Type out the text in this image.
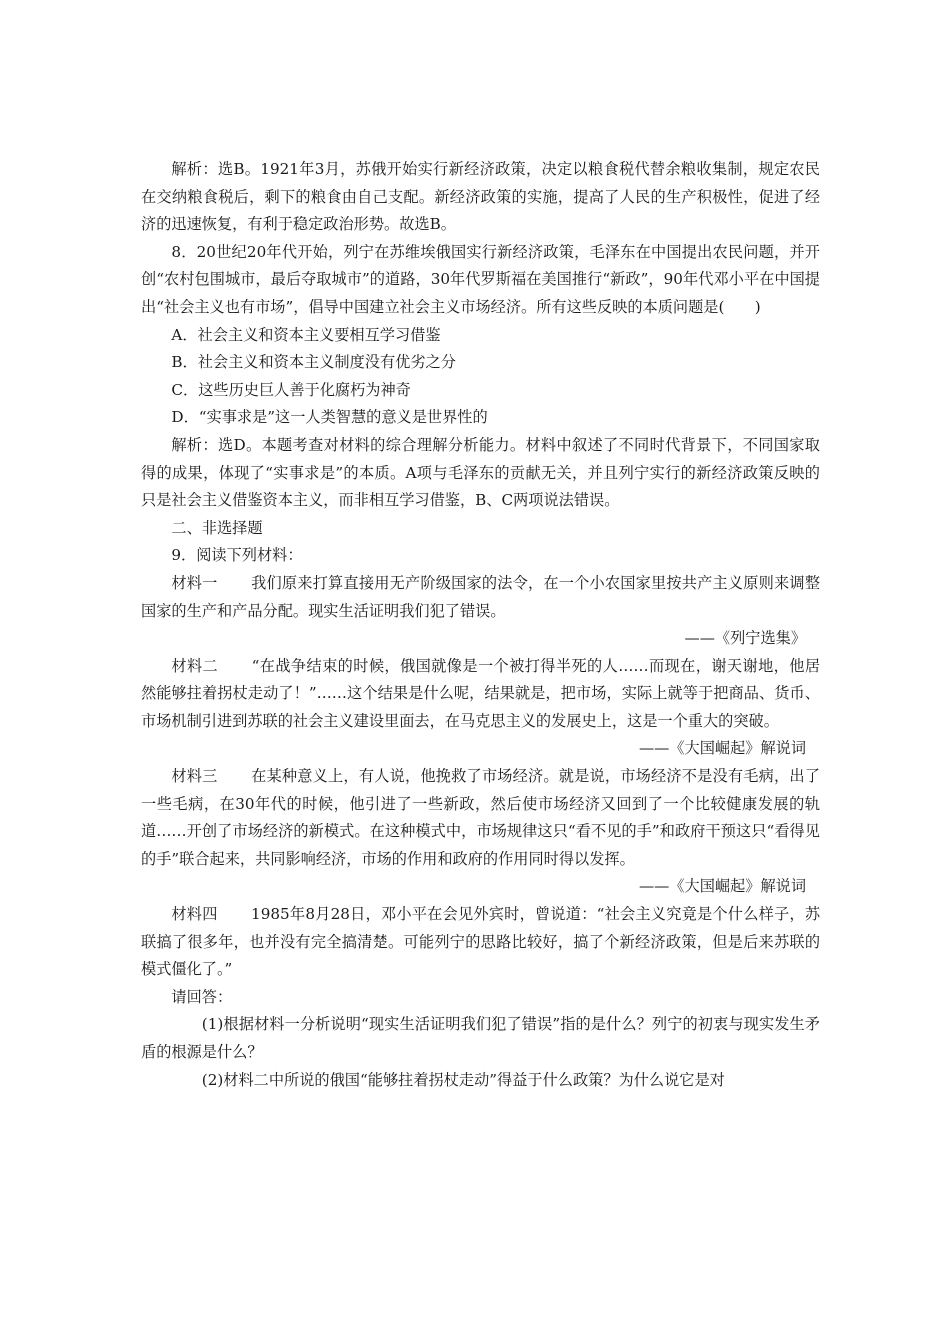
解析：选B。1921年3月，苏俄开始实行新经济政策，决定以粮食税代替余粮收集制，规定农民在交纳粮食税后，剩下的粮食由自己支配。新经济政策的实施，提高了人民的生产积极性，促进了经济的迅速恢复，有利于稳定政治形势。故选B。

8．20世纪20年代开始，列宁在苏维埃俄国实行新经济政策，毛泽东在中国提出农民问题，并开创“农村包围城市，最后夺取城市”的道路，30年代罗斯福在美国推行“新政”，90年代邓小平在中国提出“社会主义也有市场”，倡导中国建立社会主义市场经济。所有这些反映的本质问题是(　　)

A．社会主义和资本主义要相互学习借鉴

B．社会主义和资本主义制度没有优劣之分

C．这些历史巨人善于化腐朽为神奇

D．“实事求是”这一人类智慧的意义是世界性的

解析：选D。本题考查对材料的综合理解分析能力。材料中叙述了不同时代背景下，不同国家取得的成果，体现了“实事求是”的本质。A项与毛泽东的贡献无关，并且列宁实行的新经济政策反映的只是社会主义借鉴资本主义，而非相互学习借鉴，B、C两项说法错误。

二、非选择题

9．阅读下列材料：

材料一 我们原来打算直接用无产阶级国家的法令，在一个小农国家里按共产主义原则来调整国家的生产和产品分配。现实生活证明我们犯了错误。

——《列宁选集》

材料二 “在战争结束的时候，俄国就像是一个被打得半死的人……而现在，谢天谢地，他居然能够拄着拐杖走动了！”……这个结果是什么呢，结果就是，把市场，实际上就等于把商品、货币、市场机制引进到苏联的社会主义建设里面去，在马克思主义的发展史上，这是一个重大的突破。

——《大国崛起》解说词

材料三 在某种意义上，有人说，他挽救了市场经济。就是说，市场经济不是没有毛病，出了一些毛病，在30年代的时候，他引进了一些新政，然后使市场经济又回到了一个比较健康发展的轨道……开创了市场经济的新模式。在这种模式中，市场规律这只“看不见的手”和政府干预这只“看得见的手”联合起来，共同影响经济，市场的作用和政府的作用同时得以发挥。

——《大国崛起》解说词

材料四 1985年8月28日，邓小平在会见外宾时，曾说道：“社会主义究竟是个什么样子，苏联搞了很多年，也并没有完全搞清楚。可能列宁的思路比较好，搞了个新经济政策，但是后来苏联的模式僵化了。”

请回答：

(1)根据材料一分析说明“现实生活证明我们犯了错误”指的是什么？列宁的初衷与现实发生矛盾的根源是什么？

(2)材料二中所说的俄国“能够拄着拐杖走动”得益于什么政策？为什么说它是对
